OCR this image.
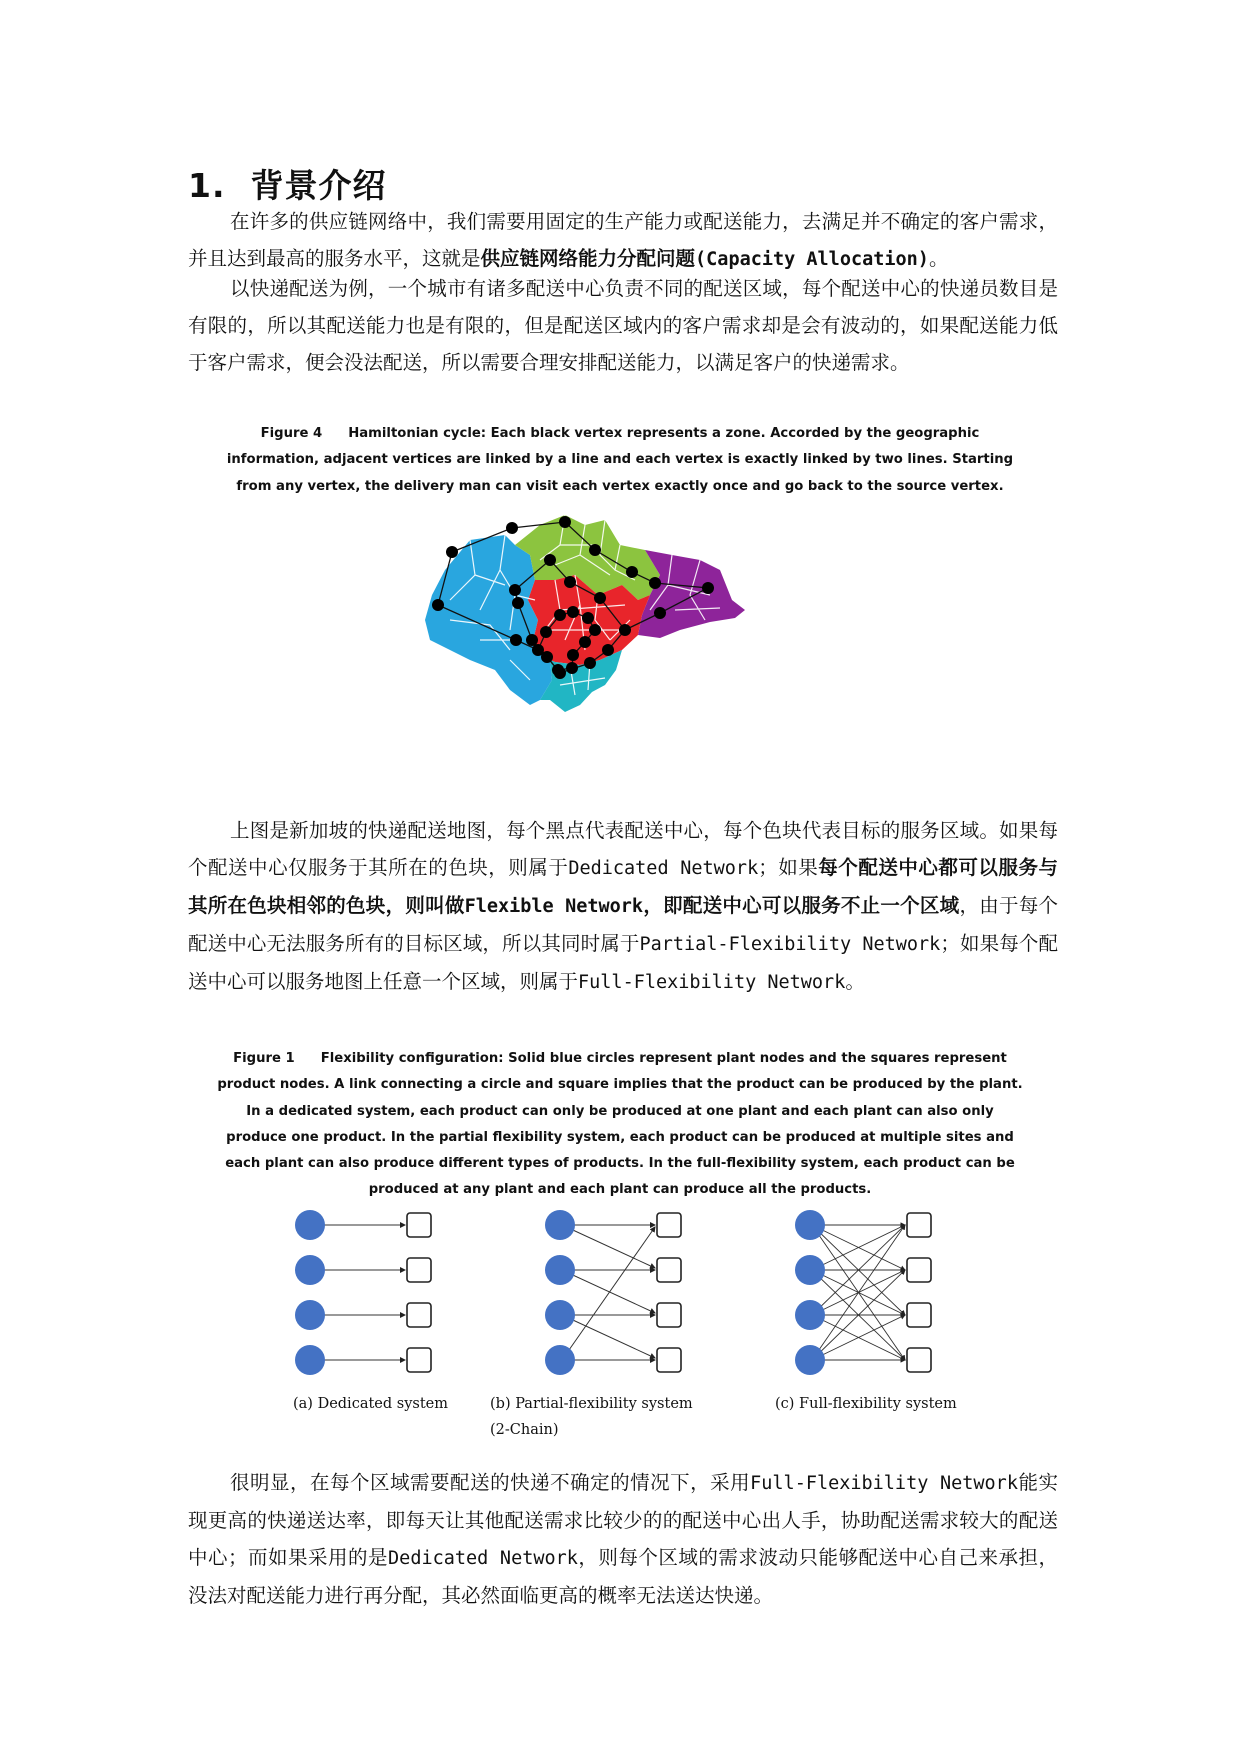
1. 背景介绍

在许多的供应链网络中，我们需要用固定的生产能力或配送能力，去满足并不确定的客户需求，并且达到最高的服务水平，这就是供应链网络能力分配问题(Capacity Allocation)。

以快递配送为例，一个城市有诸多配送中心负责不同的配送区域，每个配送中心的快递员数目是有限的，所以其配送能力也是有限的，但是配送区域内的客户需求却是会有波动的，如果配送能力低于客户需求，便会没法配送，所以需要合理安排配送能力，以满足客户的快递需求。

Figure 4 Hamiltonian cycle: Each black vertex represents a zone. Accorded by the geographic information, adjacent vertices are linked by a line and each vertex is exactly linked by two lines. Starting from any vertex, the delivery man can visit each vertex exactly once and go back to the source vertex.

上图是新加坡的快递配送地图，每个黑点代表配送中心，每个色块代表目标的服务区域。如果每个配送中心仅服务于其所在的色块，则属于Dedicated Network；如果每个配送中心都可以服务与其所在色块相邻的色块，则叫做Flexible Network，即配送中心可以服务不止一个区域，由于每个配送中心无法服务所有的目标区域，所以其同时属于Partial-Flexibility Network；如果每个配送中心可以服务地图上任意一个区域，则属于Full-Flexibility Network。

Figure 1 Flexibility configuration: Solid blue circles represent plant nodes and the squares represent product nodes. A link connecting a circle and square implies that the product can be produced by the plant. In a dedicated system, each product can only be produced at one plant and each plant can also only produce one product. In the partial flexibility system, each product can be produced at multiple sites and each plant can also produce different types of products. In the full-flexibility system, each product can be produced at any plant and each plant can produce all the products.

(a) Dedicated system	(b) Partial-flexibility system (2-Chain)
(c) Full-flexibility system

很明显，在每个区域需要配送的快递不确定的情况下，采用Full-Flexibility Network能实现更高的快递送达率，即每天让其他配送需求比较少的的配送中心出人手，协助配送需求较大的配送中心；而如果采用的是Dedicated Network，则每个区域的需求波动只能够配送中心自己来承担，没法对配送能力进行再分配，其必然面临更高的概率无法送达快递。
